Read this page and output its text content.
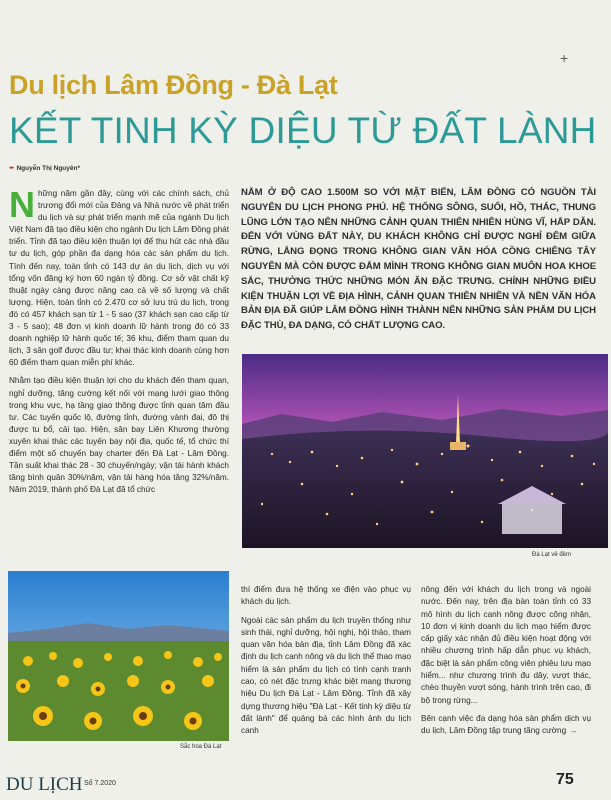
+
Du lịch Lâm Đồng - Đà Lạt
KẾT TINH KỲ DIỆU TỪ ĐẤT LÀNH
✒ Nguyễn Thị Nguyên*

Những năm gần đây, cùng với các chính sách, chủ trương đổi mới của Đảng và Nhà nước về phát triển du lịch và sự phát triển mạnh mẽ của ngành Du lịch Việt Nam đã tạo điều kiện cho ngành Du lịch Lâm Đồng phát triển. Tỉnh đã tạo điều kiện thuận lợi để thu hút các nhà đầu tư du lịch, góp phần đa dạng hóa các sản phẩm du lịch. Tính đến nay, toàn tỉnh có 143 dự án du lịch, dịch vụ với tổng vốn đăng ký hơn 60 ngàn tỷ đồng. Cơ sở vật chất kỹ thuật ngày càng được nâng cao cả về số lượng và chất lượng. Hiện, toàn tỉnh có 2.470 cơ sở lưu trú du lịch, trong đó có 457 khách sạn từ 1 - 5 sao (37 khách sạn cao cấp từ 3 - 5 sao); 48 đơn vị kinh doanh lữ hành trong đó có 33 doanh nghiệp lữ hành quốc tế; 36 khu, điểm tham quan du lịch, 3 sân golf được đầu tư; khai thác kinh doanh cùng hơn 60 điểm tham quan miễn phí khác.

Nhằm tạo điều kiện thuận lợi cho du khách đến tham quan, nghỉ dưỡng, tăng cường kết nối với mạng lưới giao thông trong khu vực, hạ tầng giao thông được tỉnh quan tâm đầu tư. Các tuyến quốc lộ, đường tỉnh, đường vành đai, đô thị được tu bổ, cải tạo. Hiện, sân bay Liên Khương thường xuyên khai thác các tuyến bay nội địa, quốc tế, tổ chức thí điểm một số chuyến bay charter đến Đà Lạt - Lâm Đồng. Tần suất khai thác 28 - 30 chuyến/ngày; vận tải hành khách tăng bình quân 30%/năm, vận tải hàng hóa tăng 32%/năm. Năm 2019, thành phố Đà Lạt đã tổ chức

NẰM Ở ĐỘ CAO 1.500M SO VỚI MẶT BIỂN, LÂM ĐỒNG CÓ NGUỒN TÀI NGUYÊN DU LỊCH PHONG PHÚ. HỆ THỐNG SÔNG, SUỐI, HỒ, THÁC, THUNG LŨNG LỚN TẠO NÊN NHỮNG CẢNH QUAN THIÊN NHIÊN HÙNG VĨ, HẤP DẪN. ĐẾN VỚI VÙNG ĐẤT NÀY, DU KHÁCH KHÔNG CHỈ ĐƯỢC NGHỈ ĐÊM GIỮA RỪNG, LẮNG ĐỌNG TRONG KHÔNG GIAN VĂN HÓA CỒNG CHIÊNG TÂY NGUYÊN MÀ CÒN ĐƯỢC ĐẮM MÌNH TRONG KHÔNG GIAN MUÔN HOA KHOE SẮC, THƯỞNG THỨC NHỮNG MÓN ĂN ĐẶC TRƯNG. CHÍNH NHỮNG ĐIỀU KIỆN THUẬN LỢI VỀ ĐỊA HÌNH, CẢNH QUAN THIÊN NHIÊN VÀ NỀN VĂN HÓA BẢN ĐỊA ĐÃ GIÚP LÂM ĐỒNG HÌNH THÀNH NÊN NHỮNG SẢN PHẨM DU LỊCH ĐẶC THÙ, ĐA DẠNG, CÓ CHẤT LƯỢNG CAO.
Đà Lạt về đêm
Sắc hoa Đà Lạt

thí điểm đưa hệ thống xe điện vào phục vụ khách du lịch.

Ngoài các sản phẩm du lịch truyền thống như sinh thái, nghỉ dưỡng, hội nghị, hội thảo, tham quan văn hóa bản địa, tỉnh Lâm Đồng đã xác định du lịch canh nông và du lịch thể thao mạo hiểm là sản phẩm du lịch có tính cạnh tranh cao, có nét đặc trưng khác biệt mang thương hiệu Du lịch Đà Lạt - Lâm Đồng. Tỉnh đã xây dựng thương hiệu "Đà Lạt - Kết tinh kỳ diệu từ đất lành" để quảng bá các hình ảnh du lịch canh

nông đến với khách du lịch trong và ngoài nước. Đến nay, trên địa bàn toàn tỉnh có 33 mô hình du lịch canh nông được công nhận, 10 đơn vị kinh doanh du lịch mạo hiểm được cấp giấy xác nhận đủ điều kiện hoạt động với nhiều chương trình hấp dẫn phục vụ khách, đặc biệt là sản phẩm công viên phiêu lưu mạo hiểm... như chương trình đu dây, vượt thác, chèo thuyền vượt sóng, hành trình trên cao, đi bộ trong rừng...

Bên cạnh việc đa dạng hóa sản phẩm dịch vụ du lịch, Lâm Đồng tập trung tăng cường →

DU LỊCH Số 7.2020	75
